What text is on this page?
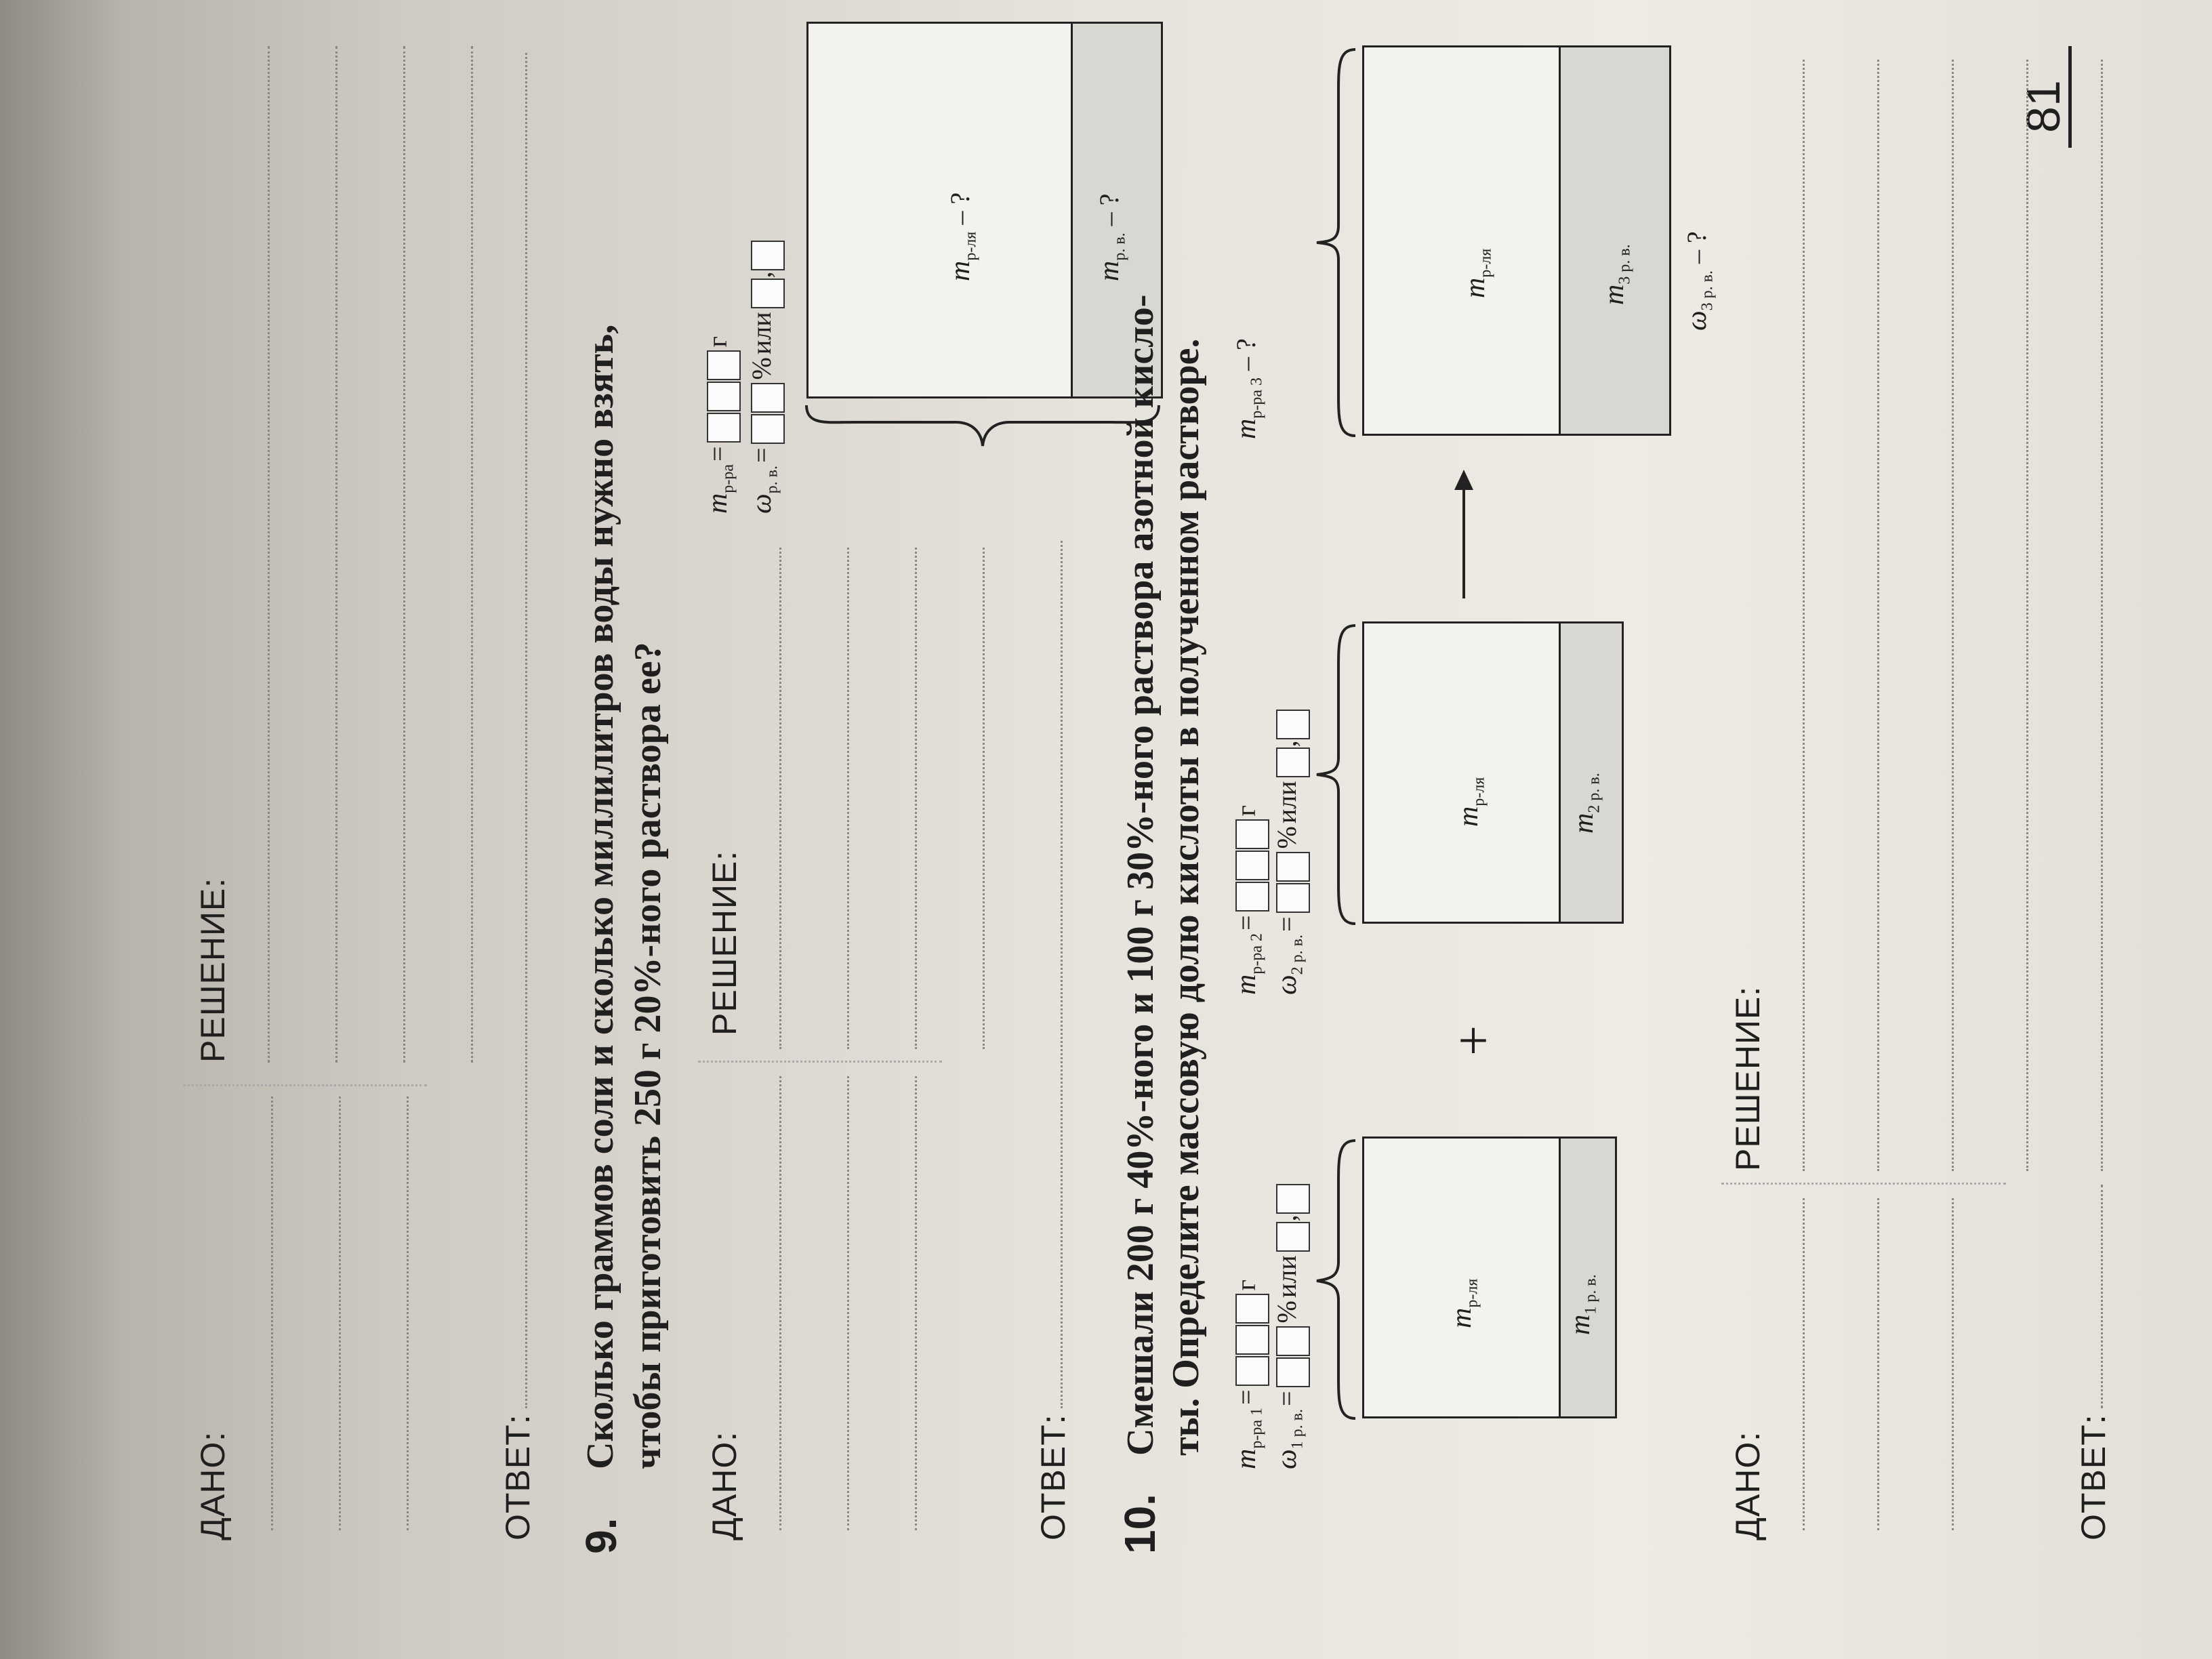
81
ДАНО:
РЕШЕНИЕ:
ОТВЕТ: 9.
Сколько граммов соли и сколько миллилитров воды нужно взять, чтобы приготовить 250 г 20%-ного раствора ее?
ДАНО:
РЕШЕНИЕ:
$m_{р-ра} = г$
$\omega_{р. в.}$ =  % или ,	$m_{р-ля}$ – ?
$m_{р. в.}$ – ?
ОТВЕТ: 10.
Смешали 200 г 40%-ного и 100 г 30%-ного раствора азотной кисло- ты. Определите массовую долю кислоты в полученном растворе.
$m_{р-ра 1} = г$
$\omega_{1 р. в.}$ =  % или ,
$m_{р-ра 2} = г$
$\omega_{2 р. в.}$ =  % или ,
$m_{р-ра 3}$ – ?
$m_{р-ля}$
$m_{1 р. в.}$
+
$m_{р-ля}$
$m_{2 р. в.}$
$m_{р-ля}$
$m_{3 р. в.}$
$\omega_{3 р. в.}$ – ?
ДАНО:
РЕШЕНИЕ:
ОТВЕТ:
